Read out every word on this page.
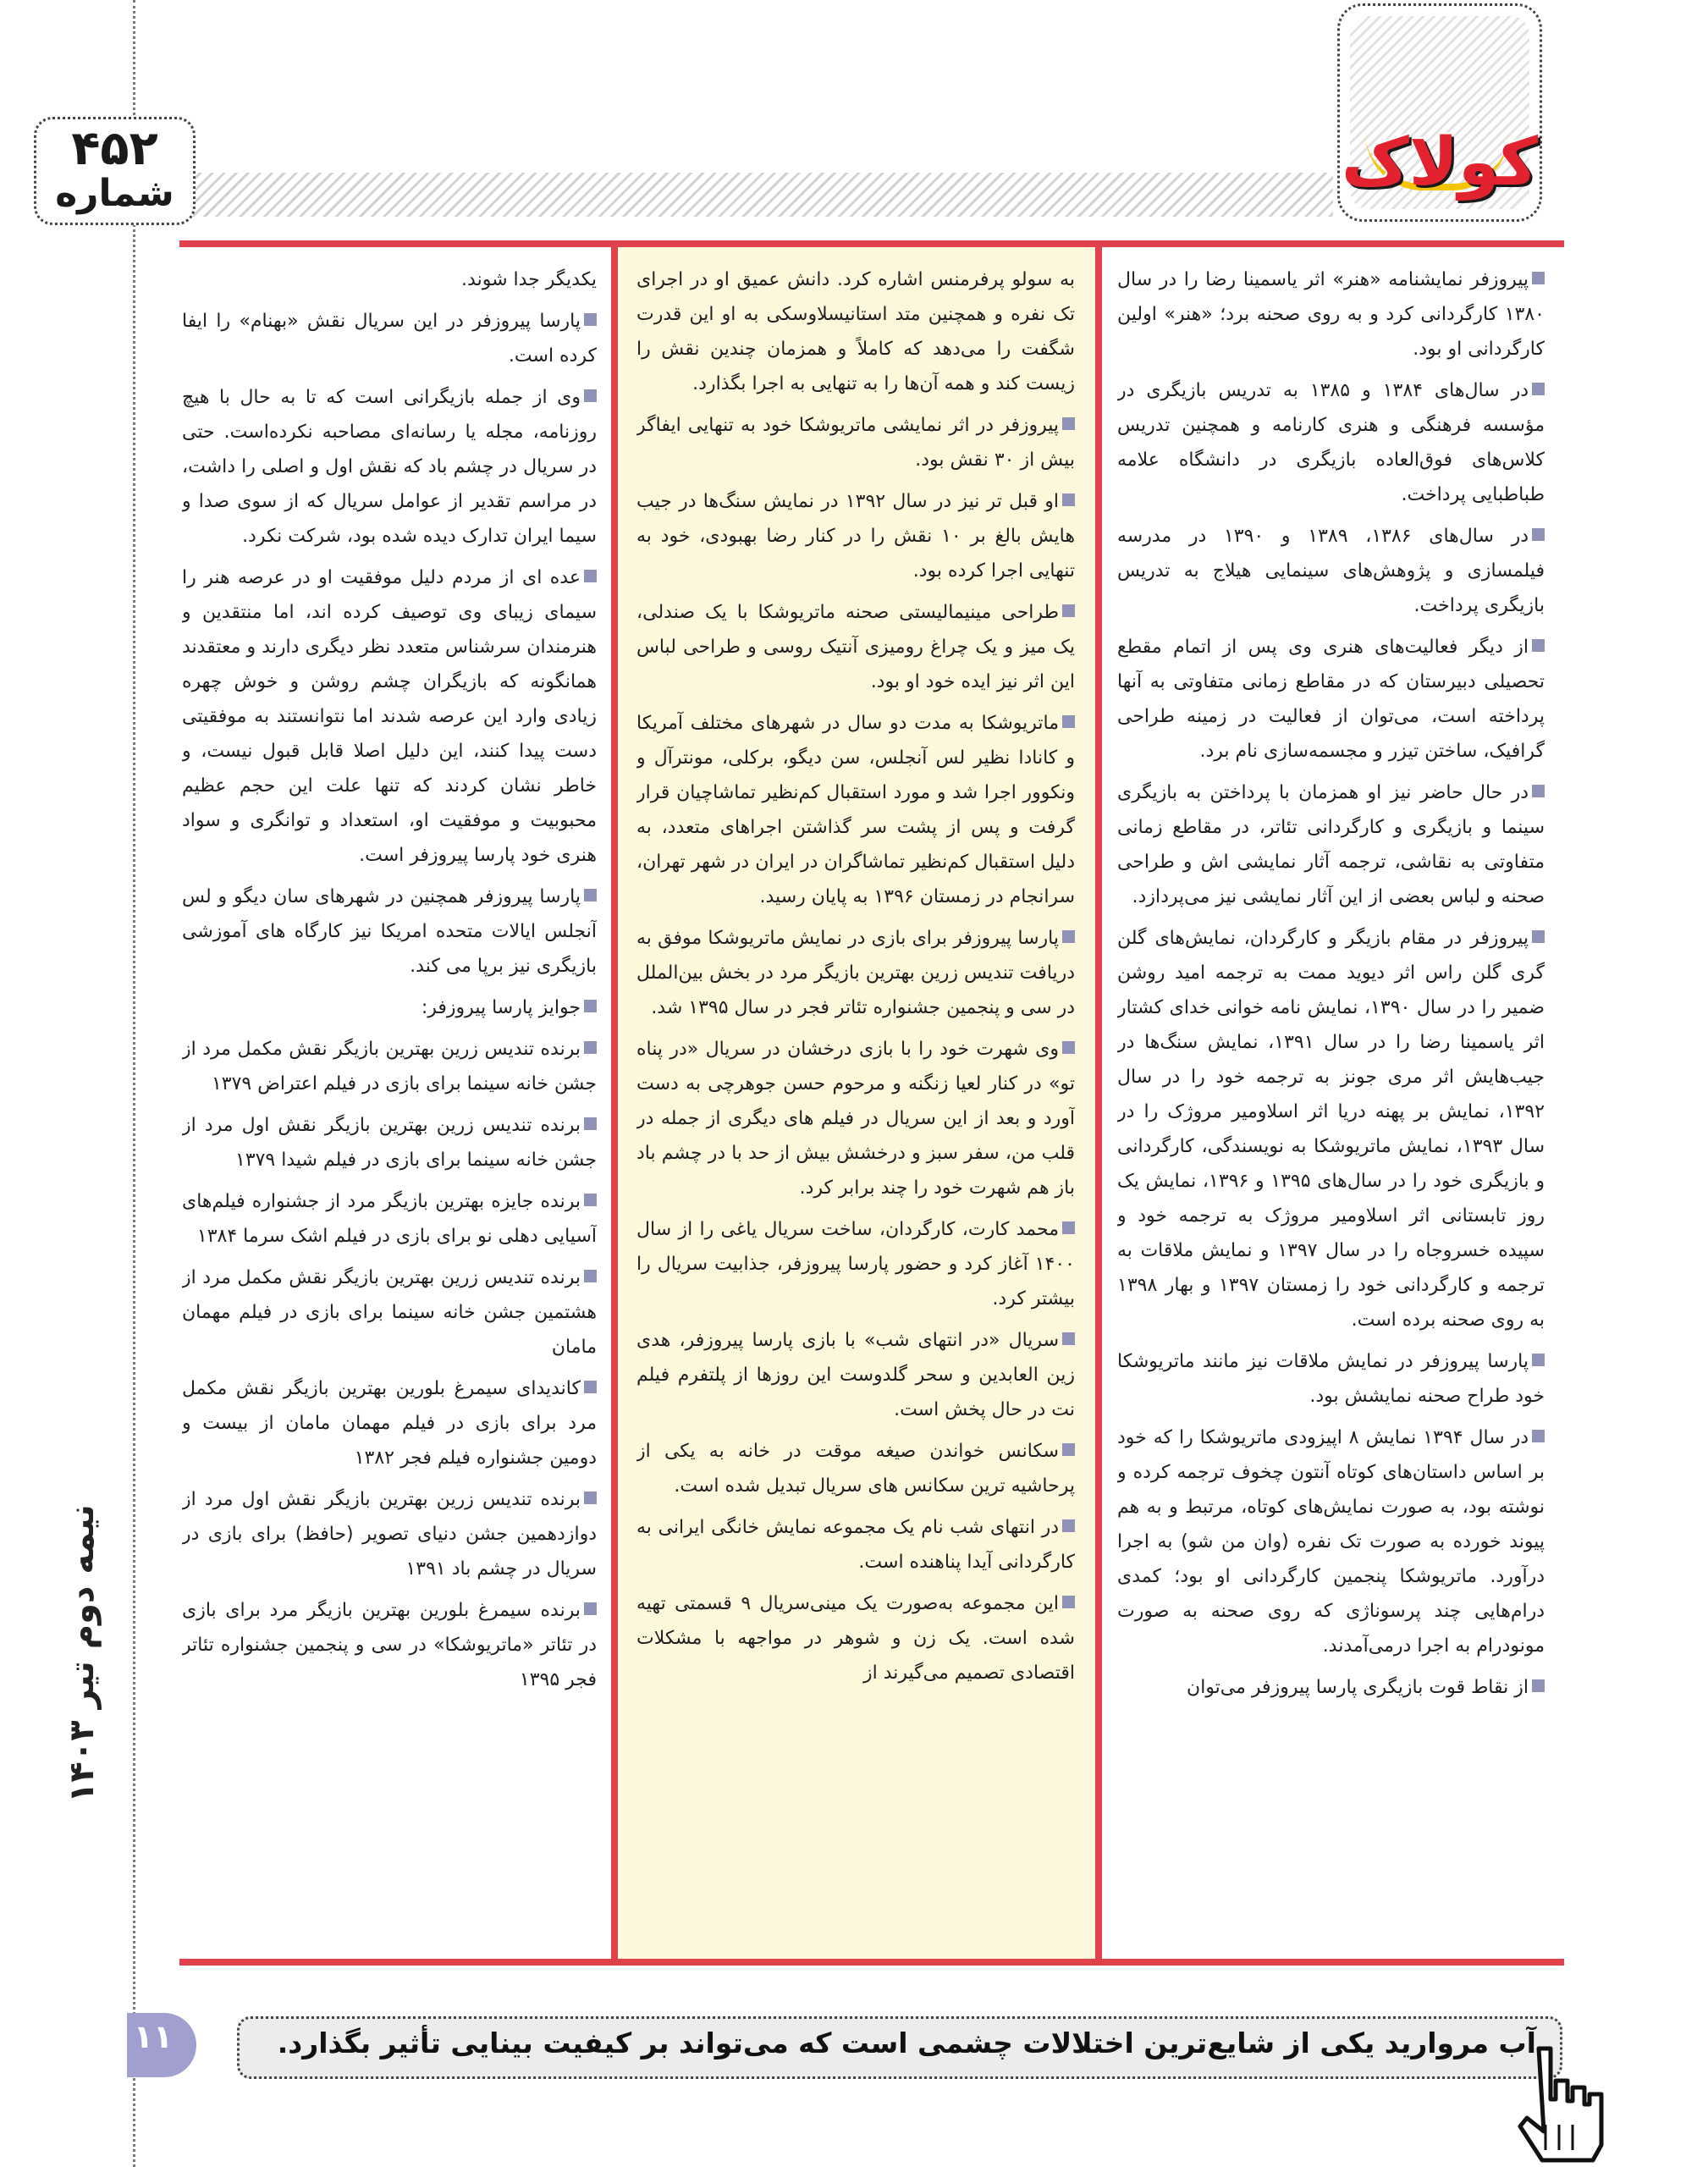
کولاک
۴۵۲
شماره

پیروزفر نمایشنامه «هنر» اثر یاسمینا رضا را در سال ۱۳۸۰ کارگردانی کرد و به روی صحنه برد؛ «هنر» اولین کارگردانی او بود.

در سال‌های ۱۳۸۴ و ۱۳۸۵ به تدریس بازیگری در مؤسسه فرهنگی و هنری کارنامه و همچنین تدریس کلاس‌های فوق‌العاده بازیگری در دانشگاه علامه طباطبایی پرداخت.

در سال‌های ۱۳۸۶، ۱۳۸۹ و ۱۳۹۰ در مدرسه فیلمسازی و پژوهش‌های سینمایی هیلاج به تدریس بازیگری پرداخت.

از دیگر فعالیت‌های هنری وی پس از اتمام مقطع تحصیلی دبیرستان که در مقاطع زمانی متفاوتی به آنها پرداخته است، می‌توان از فعالیت در زمینه طراحی گرافیک، ساختن تیزر و مجسمه‌سازی نام برد.

در حال حاضر نیز او همزمان با پرداختن به بازیگری سینما و بازیگری و کارگردانی تئاتر، در مقاطع زمانی متفاوتی به نقاشی، ترجمه آثار نمایشی اش و طراحی صحنه و لباس بعضی از این آثار نمایشی نیز می‌پردازد.

پیروزفر در مقام بازیگر و کارگردان، نمایش‌های گلن گری گلن راس اثر دیوید ممت به ترجمه امید روشن ضمیر را در سال ۱۳۹۰، نمایش نامه خوانی خدای کشتار اثر یاسمینا رضا را در سال ۱۳۹۱، نمایش سنگ‌ها در جیب‌هایش اثر مری جونز به ترجمه خود را در سال ۱۳۹۲، نمایش بر پهنه دریا اثر اسلاومیر مروژک را در سال ۱۳۹۳، نمایش ماتریوشکا به نویسندگی، کارگردانی و بازیگری خود را در سال‌های ۱۳۹۵ و ۱۳۹۶، نمایش یک روز تابستانی اثر اسلاومیر مروژک به ترجمه خود و سپیده خسروجاه را در سال ۱۳۹۷ و نمایش ملاقات به ترجمه و کارگردانی خود را زمستان ۱۳۹۷ و بهار ۱۳۹۸ به روی صحنه برده است.

پارسا پیروزفر در نمایش ملاقات نیز مانند ماتریوشکا خود طراح صحنه نمایشش بود.

در سال ۱۳۹۴ نمایش ۸ اپیزودی ماتریوشکا را که خود بر اساس داستان‌های کوتاه آنتون چخوف ترجمه کرده و نوشته بود، به صورت نمایش‌های کوتاه، مرتبط و به هم پیوند خورده به صورت تک نفره (وان من شو) به اجرا درآورد. ماتریوشکا پنجمین کارگردانی او بود؛ کمدی درام‌هایی چند پرسوناژی که روی صحنه به صورت مونودرام به اجرا درمی‌آمدند.

از نقاط قوت بازیگری پارسا پیروزفر می‌توان

به سولو پرفرمنس اشاره کرد. دانش عمیق او در اجرای تک نفره و همچنین متد استانیسلاوسکی به او این قدرت شگفت را می‌دهد که کاملاً و همزمان چندین نقش را زیست کند و همه آن‌ها را به تنهایی به اجرا بگذارد.

پیروزفر در اثر نمایشی ماتریوشکا خود به تنهایی ایفاگر بیش از ۳۰ نقش بود.

او قبل تر نیز در سال ۱۳۹۲ در نمایش سنگ‌ها در جیب هایش بالغ بر ۱۰ نقش را در کنار رضا بهبودی، خود به تنهایی اجرا کرده بود.

طراحی مینیمالیستی صحنه ماتریوشکا با یک صندلی، یک میز و یک چراغ رومیزی آنتیک روسی و طراحی لباس این اثر نیز ایده خود او بود.

ماتریوشکا به مدت دو سال در شهرهای مختلف آمریکا و کانادا نظیر لس آنجلس، سن دیگو، برکلی، مونترآل و ونکوور اجرا شد و مورد استقبال کم‌نظیر تماشاچیان قرار گرفت و پس از پشت سر گذاشتن اجراهای متعدد، به دلیل استقبال کم‌نظیر تماشاگران در ایران در شهر تهران، سرانجام در زمستان ۱۳۹۶ به پایان رسید.

پارسا پیروزفر برای بازی در نمایش ماتریوشکا موفق به دریافت تندیس زرین بهترین بازیگر مرد در بخش بین‌الملل در سی و پنجمین جشنواره تئاتر فجر در سال ۱۳۹۵ شد.

وی شهرت خود را با بازی درخشان در سریال «در پناه تو» در کنار لعیا زنگنه و مرحوم حسن جوهرچی به دست آورد و بعد از این سریال در فیلم های دیگری از جمله در قلب من، سفر سبز و درخشش بیش از حد با در چشم باد باز هم شهرت خود را چند برابر کرد.

محمد کارت، کارگردان، ساخت سریال یاغی را از سال ۱۴۰۰ آغاز کرد و حضور پارسا پیروزفر، جذابیت سریال را بیشتر کرد.

سریال «در انتهای شب» با بازی پارسا پیروزفر، هدی زین العابدین و سحر گلدوست این روزها از پلتفرم فیلم نت در حال پخش است.

سکانس خواندن صیغه موقت در خانه به یکی از پرحاشیه ترین سکانس های سریال تبدیل شده است.

در انتهای شب نام یک مجموعه نمایش خانگی ایرانی به کارگردانی آیدا پناهنده است.

این مجموعه به‌صورت یک مینی‌سریال ۹ قسمتی تهیه شده است. یک زن و شوهر در مواجهه با مشکلات اقتصادی تصمیم می‌گیرند از

یکدیگر جدا شوند.

پارسا پیروزفر در این سریال نقش «بهنام» را ایفا کرده است.

وی از جمله بازیگرانی است که تا به حال با هیچ روزنامه، مجله یا رسانه‌ای مصاحبه نکرده‌است. حتی در سریال در چشم باد که نقش اول و اصلی را داشت، در مراسم تقدیر از عوامل سریال که از سوی صدا و سیما ایران تدارک دیده شده بود، شرکت نکرد.

عده ای از مردم دلیل موفقیت او در عرصه هنر را سیمای زیبای وی توصیف کرده اند، اما منتقدین و هنرمندان سرشناس متعدد نظر دیگری دارند و معتقدند همانگونه که بازیگران چشم روشن و خوش چهره زیادی وارد این عرصه شدند اما نتوانستند به موفقیتی دست پیدا کنند، این دلیل اصلا قابل قبول نیست، و خاطر نشان کردند که تنها علت این حجم عظیم محبوبیت و موفقیت او، استعداد و توانگری و سواد هنری خود پارسا پیروزفر است.

پارسا پیروزفر همچنین در شهرهای سان دیگو و لس آنجلس ایالات متحده امریکا نیز کارگاه های آموزشی بازیگری نیز برپا می کند.

جوایز پارسا پیروزفر:

برنده تندیس زرین بهترین بازیگر نقش مکمل مرد از جشن خانه سینما برای بازی در فیلم اعتراض ۱۳۷۹

برنده تندیس زرین بهترین بازیگر نقش اول مرد از جشن خانه سینما برای بازی در فیلم شیدا ۱۳۷۹

برنده جایزه بهترین بازیگر مرد از جشنواره فیلم‌های آسیایی دهلی نو برای بازی در فیلم اشک سرما ۱۳۸۴

برنده تندیس زرین بهترین بازیگر نقش مکمل مرد از هشتمین جشن خانه سینما برای بازی در فیلم مهمان مامان

کاندیدای سیمرغ بلورین بهترین بازیگر نقش مکمل مرد برای بازی در فیلم مهمان مامان از بیست و دومین جشنواره فیلم فجر ۱۳۸۲

برنده تندیس زرین بهترین بازیگر نقش اول مرد از دوازدهمین جشن دنیای تصویر (حافظ) برای بازی در سریال در چشم باد ۱۳۹۱

برنده سیمرغ بلورین بهترین بازیگر مرد برای بازی در تئاتر «ماتریوشکا» در سی و پنجمین جشنواره تئاتر فجر ۱۳۹۵

نیمه دوم تیر ۱۴۰۳
۱۱	آب مروارید یکی از شایع‌ترین اختلالات چشمی است که می‌تواند بر کیفیت بینایی تأثیر بگذارد.
